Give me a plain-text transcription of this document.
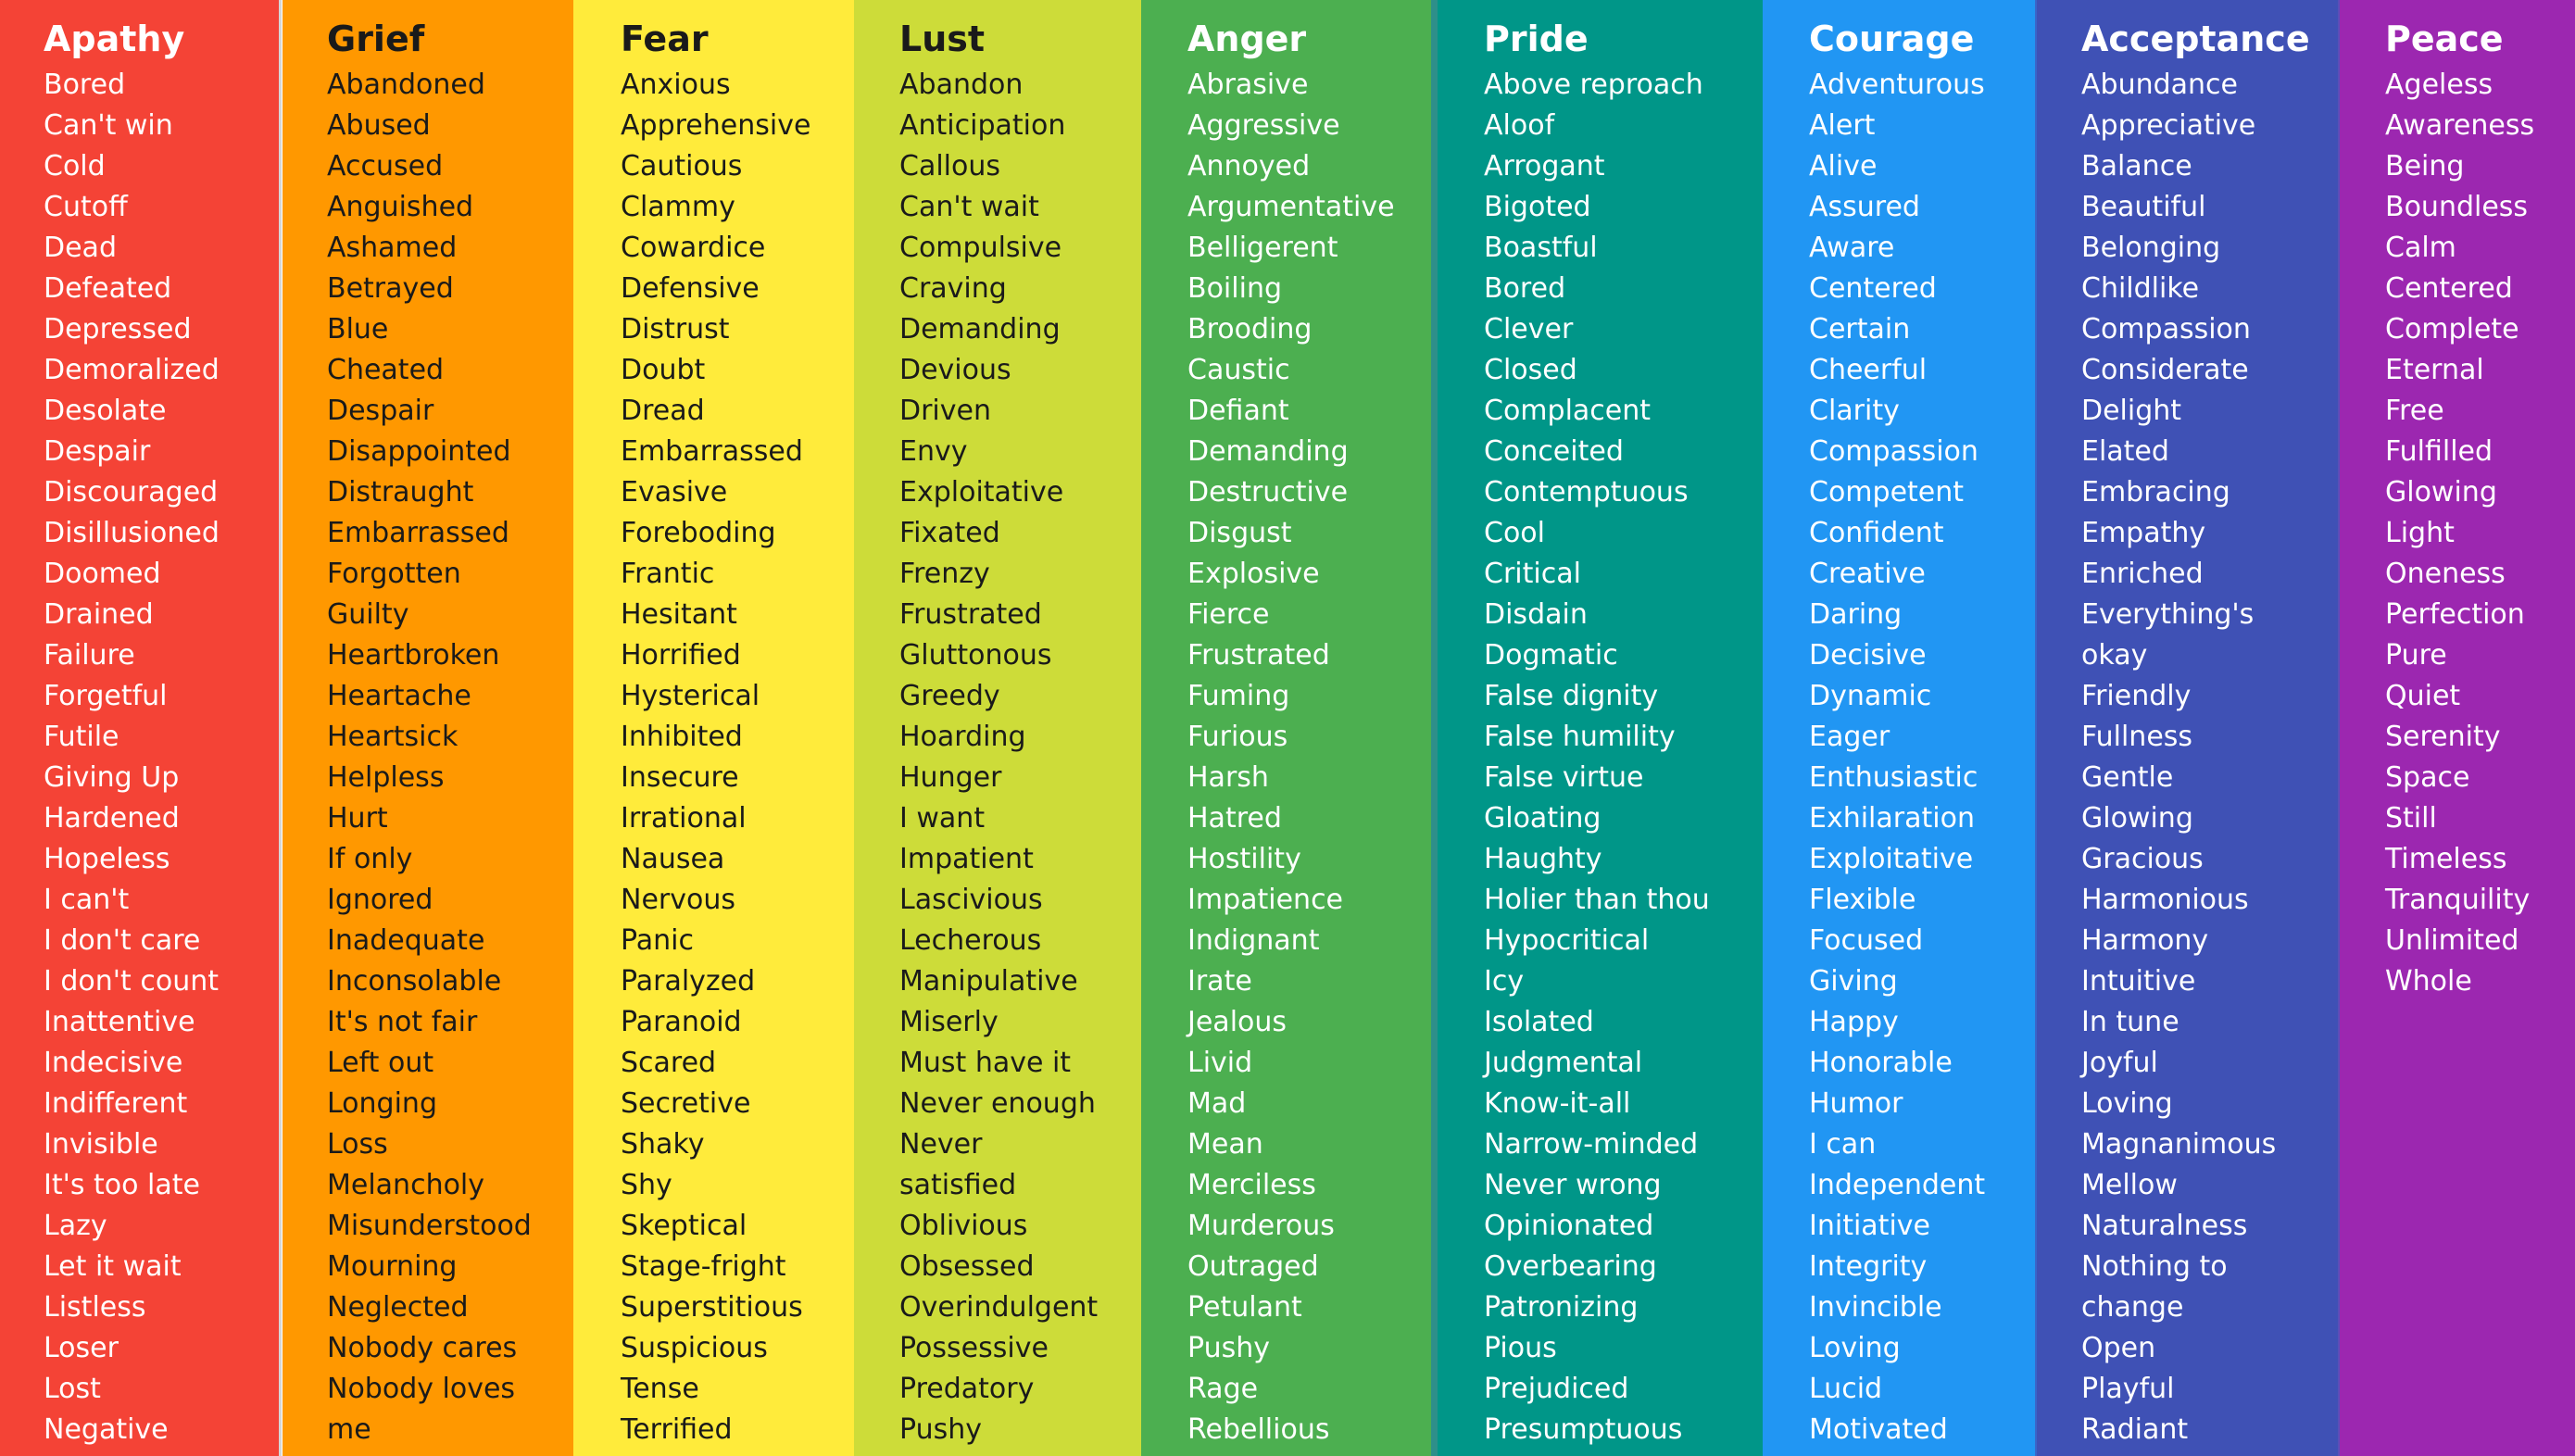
Apathy
Bored
Can't win
Cold
Cutoff
Dead
Defeated
Depressed
Demoralized
Desolate
Despair
Discouraged
Disillusioned
Doomed
Drained
Failure
Forgetful
Futile
Giving Up
Hardened
Hopeless
I can't
I don't care
I don't count
Inattentive
Indecisive
Indifferent
Invisible
It's too late
Lazy
Let it wait
Listless
Loser
Lost
Negative
Grief
Abandoned
Abused
Accused
Anguished
Ashamed
Betrayed
Blue
Cheated
Despair
Disappointed
Distraught
Embarrassed
Forgotten
Guilty
Heartbroken
Heartache
Heartsick
Helpless
Hurt
If only
Ignored
Inadequate
Inconsolable
It's not fair
Left out
Longing
Loss
Melancholy
Misunderstood
Mourning
Neglected
Nobody cares
Nobody loves
me
Fear
Anxious
Apprehensive
Cautious
Clammy
Cowardice
Defensive
Distrust
Doubt
Dread
Embarrassed
Evasive
Foreboding
Frantic
Hesitant
Horrified
Hysterical
Inhibited
Insecure
Irrational
Nausea
Nervous
Panic
Paralyzed
Paranoid
Scared
Secretive
Shaky
Shy
Skeptical
Stage-fright
Superstitious
Suspicious
Tense
Terrified
Lust
Abandon
Anticipation
Callous
Can't wait
Compulsive
Craving
Demanding
Devious
Driven
Envy
Exploitative
Fixated
Frenzy
Frustrated
Gluttonous
Greedy
Hoarding
Hunger
I want
Impatient
Lascivious
Lecherous
Manipulative
Miserly
Must have it
Never enough
Never
satisfied
Oblivious
Obsessed
Overindulgent
Possessive
Predatory
Pushy
Anger
Abrasive
Aggressive
Annoyed
Argumentative
Belligerent
Boiling
Brooding
Caustic
Defiant
Demanding
Destructive
Disgust
Explosive
Fierce
Frustrated
Fuming
Furious
Harsh
Hatred
Hostility
Impatience
Indignant
Irate
Jealous
Livid
Mad
Mean
Merciless
Murderous
Outraged
Petulant
Pushy
Rage
Rebellious
Pride
Above reproach
Aloof
Arrogant
Bigoted
Boastful
Bored
Clever
Closed
Complacent
Conceited
Contemptuous
Cool
Critical
Disdain
Dogmatic
False dignity
False humility
False virtue
Gloating
Haughty
Holier than thou
Hypocritical
Icy
Isolated
Judgmental
Know-it-all
Narrow-minded
Never wrong
Opinionated
Overbearing
Patronizing
Pious
Prejudiced
Presumptuous
Courage
Adventurous
Alert
Alive
Assured
Aware
Centered
Certain
Cheerful
Clarity
Compassion
Competent
Confident
Creative
Daring
Decisive
Dynamic
Eager
Enthusiastic
Exhilaration
Exploitative
Flexible
Focused
Giving
Happy
Honorable
Humor
I can
Independent
Initiative
Integrity
Invincible
Loving
Lucid
Motivated
Acceptance
Abundance
Appreciative
Balance
Beautiful
Belonging
Childlike
Compassion
Considerate
Delight
Elated
Embracing
Empathy
Enriched
Everything's
okay
Friendly
Fullness
Gentle
Glowing
Gracious
Harmonious
Harmony
Intuitive
In tune
Joyful
Loving
Magnanimous
Mellow
Naturalness
Nothing to
change
Open
Playful
Radiant
Peace
Ageless
Awareness
Being
Boundless
Calm
Centered
Complete
Eternal
Free
Fulfilled
Glowing
Light
Oneness
Perfection
Pure
Quiet
Serenity
Space
Still
Timeless
Tranquility
Unlimited
Whole
